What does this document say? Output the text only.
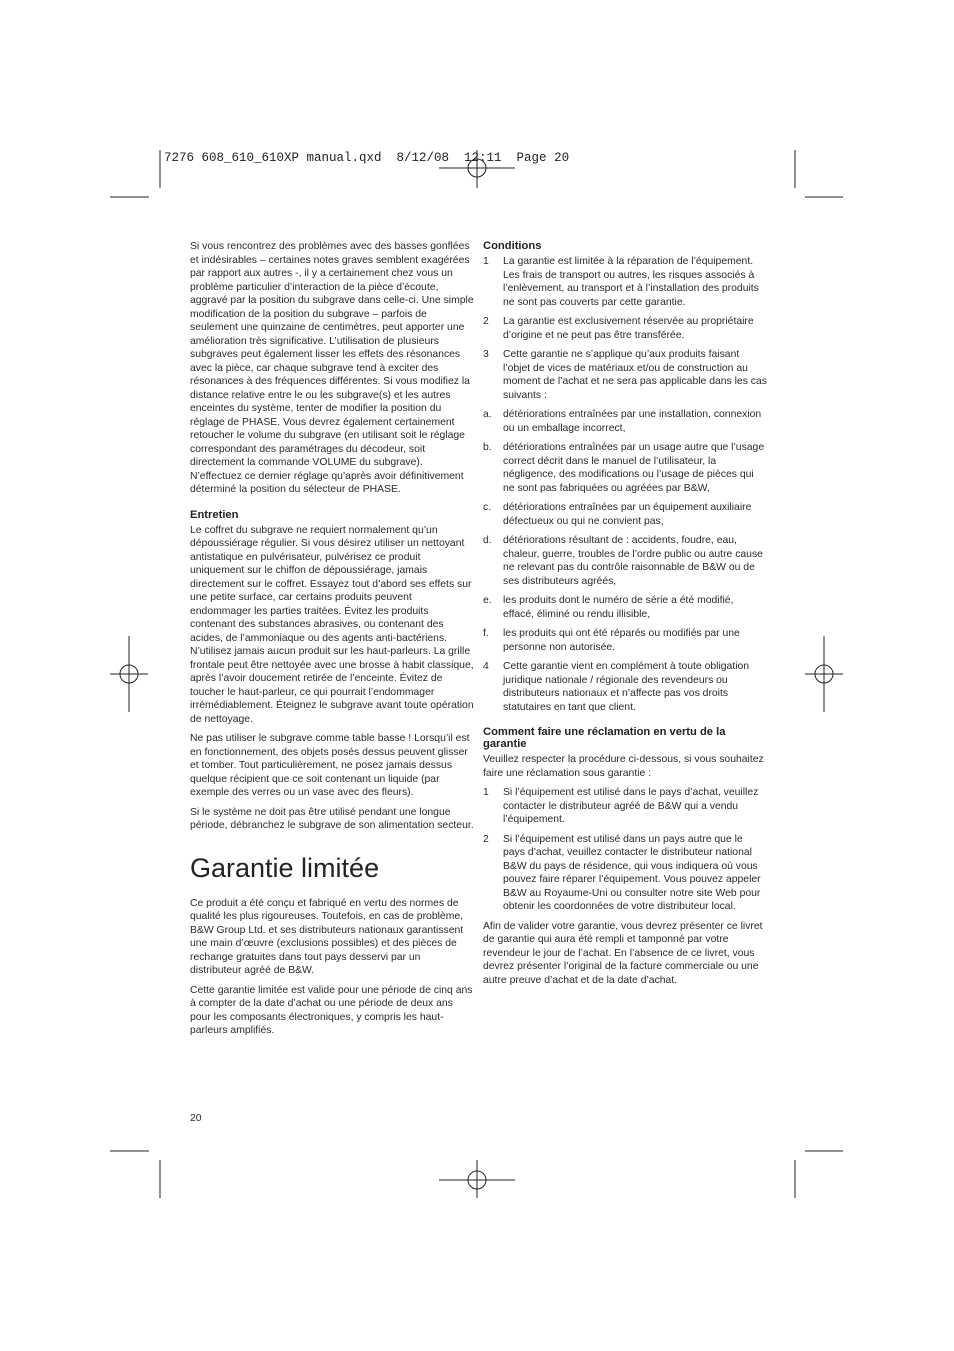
7276 608_610_610XP manual.qxd  8/12/08  12:11  Page 20

Si vous rencontrez des problèmes avec des basses gonflées et indésirables – certaines notes graves semblent exagérées par rapport aux autres -, il y a certainement chez vous un problème particulier d’interaction de la pièce d’écoute, aggravé par la position du subgrave dans celle-ci. Une simple modification de la position du subgrave – parfois de seulement une quinzaine de centimètres, peut apporter une amélioration très significative. L’utilisation de plusieurs subgraves peut également lisser les effets des résonances avec la pièce, car chaque subgrave tend à exciter des résonances à des fréquences différentes. Si vous modifiez la distance relative entre le ou les subgrave(s) et les autres enceintes du système, tenter de modifier la position du réglage de PHASE. Vous devrez également certainement retoucher le volume du subgrave (en utilisant soit le réglage correspondant des paramétrages du décodeur, soit directement la commande VOLUME du subgrave). N’effectuez ce dernier réglage qu’après avoir définitivement déterminé la position du sélecteur de PHASE.

Entretien

Le coffret du subgrave ne requiert normalement qu’un dépoussiérage régulier. Si vous désirez utiliser un nettoyant antistatique en pulvérisateur, pulvérisez ce produit uniquement sur le chiffon de dépoussiérage, jamais directement sur le coffret. Essayez tout d’abord ses effets sur une petite surface, car certains produits peuvent endommager les parties traitées. Évitez les produits contenant des substances abrasives, ou contenant des acides, de l’ammoniaque ou des agents anti-bactériens. N’utilisez jamais aucun produit sur les haut-parleurs. La grille frontale peut être nettoyée avec une brosse à habit classique, après l’avoir doucement retirée de l’enceinte. Évitez de toucher le haut-parleur, ce qui pourrait l’endommager irrémédiablement. Éteignez le subgrave avant toute opération de nettoyage.

Ne pas utiliser le subgrave comme table basse ! Lorsqu’il est en fonctionnement, des objets posés dessus peuvent glisser et tomber. Tout particulièrement, ne posez jamais dessus quelque récipient que ce soit contenant un liquide (par exemple des verres ou un vase avec des fleurs).

Si le système ne doit pas être utilisé pendant une longue période, débranchez le subgrave de son alimentation secteur.

Garantie limitée

Ce produit a été conçu et fabriqué en vertu des normes de qualité les plus rigoureuses. Toutefois, en cas de problème, B&W Group Ltd. et ses distributeurs nationaux garantissent une main d’œuvre (exclusions possibles) et des pièces de rechange gratuites dans tout pays desservi par un distributeur agréé de B&W.

Cette garantie limitée est valide pour une période de cinq ans à compter de la date d’achat ou une période de deux ans pour les composants électroniques, y compris les haut-parleurs amplifiés.

Conditions
1	La garantie est limitée à la réparation de l’équipement. Les frais de transport ou autres, les risques associés à l’enlèvement, au transport et à l’installation des produits ne sont pas couverts par cette garantie.
2	La garantie est exclusivement réservée au propriétaire d’origine et ne peut pas être transférée.
3	Cette garantie ne s’applique qu’aux produits faisant l’objet de vices de matériaux et/ou de construction au moment de l’achat et ne sera pas applicable dans les cas suivants :
a.	détériorations entraînées par une installation, connexion ou un emballage incorrect,
b.	détériorations entraînées par un usage autre que l’usage correct décrit dans le manuel de l’utilisateur, la négligence, des modifications ou l’usage de pièces qui ne sont pas fabriquées ou agréées par B&W,
c.	détériorations entraînées par un équipement auxiliaire défectueux ou qui ne convient pas,
d.	détériorations résultant de : accidents, foudre, eau, chaleur, guerre, troubles de l’ordre public ou autre cause ne relevant pas du contrôle raisonnable de B&W ou de ses distributeurs agréés,
e.	les produits dont le numéro de série a été modifié, effacé, éliminé ou rendu illisible,
f.	les produits qui ont été réparés ou modifiés par une personne non autorisée.
4	Cette garantie vient en complément à toute obligation juridique nationale / régionale des revendeurs ou distributeurs nationaux et n’affecte pas vos droits statutaires en tant que client.
Comment faire une réclamation en vertu de la garantie

Veuillez respecter la procédure ci-dessous, si vous souhaitez faire une réclamation sous garantie :

1	Si l’équipement est utilisé dans le pays d’achat, veuillez contacter le distributeur agréé de B&W qui a vendu l’équipement.
2	Si l’équipement est utilisé dans un pays autre que le pays d’achat, veuillez contacter le distributeur national B&W du pays de résidence, qui vous indiquera où vous pouvez faire réparer l’équipement. Vous pouvez appeler B&W au Royaume-Uni ou consulter notre site Web pour obtenir les coordonnées de votre distributeur local.

Afin de valider votre garantie, vous devrez présenter ce livret de garantie qui aura été rempli et tamponné par votre revendeur le jour de l’achat. En l’absence de ce livret, vous devrez présenter l’original de la facture commerciale ou une autre preuve d’achat et de la date d’achat.

20
